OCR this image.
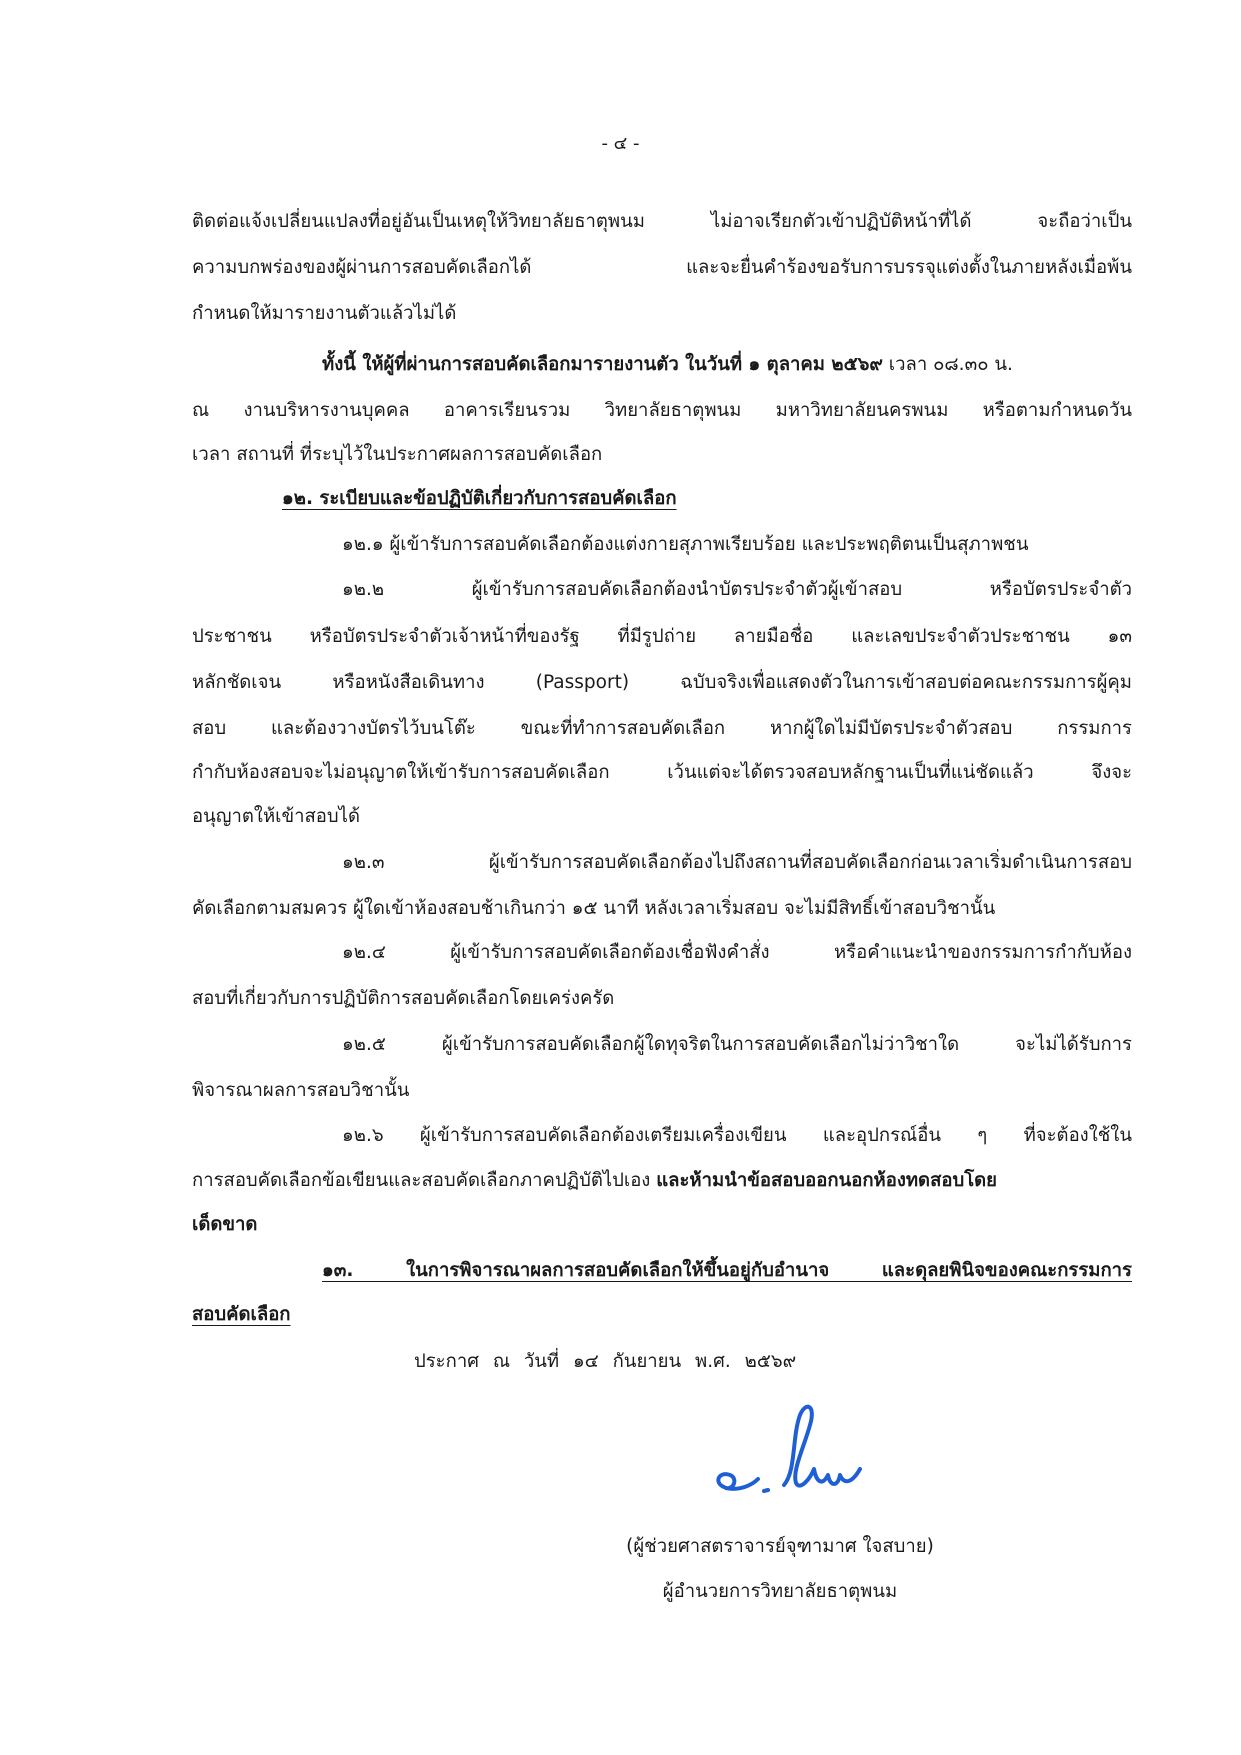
- ๔ -
ติดต่อแจ้งเปลี่ยนแปลงที่อยู่อันเป็นเหตุให้วิทยาลัยธาตุพนม ไม่อาจเรียกตัวเข้าปฏิบัติหน้าที่ได้ จะถือว่าเป็น
ความบกพร่องของผู้ผ่านการสอบคัดเลือกได้ และจะยื่นคำร้องขอรับการบรรจุแต่งตั้งในภายหลังเมื่อพ้น
กำหนดให้มารายงานตัวแล้วไม่ได้
ทั้งนี้ ให้ผู้ที่ผ่านการสอบคัดเลือกมารายงานตัว ในวันที่ ๑ ตุลาคม ๒๕๖๙ เวลา ๐๘.๓๐ น.
ณ งานบริหารงานบุคคล อาคารเรียนรวม วิทยาลัยธาตุพนม มหาวิทยาลัยนครพนม หรือตามกำหนดวัน
เวลา สถานที่ ที่ระบุไว้ในประกาศผลการสอบคัดเลือก
๑๒. ระเบียบและข้อปฏิบัติเกี่ยวกับการสอบคัดเลือก
๑๒.๑ ผู้เข้ารับการสอบคัดเลือกต้องแต่งกายสุภาพเรียบร้อย และประพฤติตนเป็นสุภาพชน
๑๒.๒ ผู้เข้ารับการสอบคัดเลือกต้องนำบัตรประจำตัวผู้เข้าสอบ หรือบัตรประจำตัว
ประชาชน หรือบัตรประจำตัวเจ้าหน้าที่ของรัฐ ที่มีรูปถ่าย ลายมือชื่อ และเลขประจำตัวประชาชน ๑๓
หลักชัดเจน หรือหนังสือเดินทาง (Passport) ฉบับจริงเพื่อแสดงตัวในการเข้าสอบต่อคณะกรรมการผู้คุม
สอบ และต้องวางบัตรไว้บนโต๊ะ ขณะที่ทำการสอบคัดเลือก หากผู้ใดไม่มีบัตรประจำตัวสอบ กรรมการ
กำกับห้องสอบจะไม่อนุญาตให้เข้ารับการสอบคัดเลือก เว้นแต่จะได้ตรวจสอบหลักฐานเป็นที่แน่ชัดแล้ว จึงจะ
อนุญาตให้เข้าสอบได้
๑๒.๓ ผู้เข้ารับการสอบคัดเลือกต้องไปถึงสถานที่สอบคัดเลือกก่อนเวลาเริ่มดำเนินการสอบ
คัดเลือกตามสมควร ผู้ใดเข้าห้องสอบช้าเกินกว่า ๑๕ นาที หลังเวลาเริ่มสอบ จะไม่มีสิทธิ์เข้าสอบวิชานั้น
๑๒.๔ ผู้เข้ารับการสอบคัดเลือกต้องเชื่อฟังคำสั่ง หรือคำแนะนำของกรรมการกำกับห้อง
สอบที่เกี่ยวกับการปฏิบัติการสอบคัดเลือกโดยเคร่งครัด
๑๒.๕ ผู้เข้ารับการสอบคัดเลือกผู้ใดทุจริตในการสอบคัดเลือกไม่ว่าวิชาใด จะไม่ได้รับการ
พิจารณาผลการสอบวิชานั้น
๑๒.๖ ผู้เข้ารับการสอบคัดเลือกต้องเตรียมเครื่องเขียน และอุปกรณ์อื่น ๆ ที่จะต้องใช้ใน
การสอบคัดเลือกข้อเขียนและสอบคัดเลือกภาคปฏิบัติไปเอง และห้ามนำข้อสอบออกนอกห้องทดสอบโดย
เด็ดขาด
๑๓. ในการพิจารณาผลการสอบคัดเลือกให้ขึ้นอยู่กับอำนาจ และดุลยพินิจของคณะกรรมการ
สอบคัดเลือก
ประกาศ ณ วันที่ ๑๔ กันยายน พ.ศ. ๒๕๖๙
(ผู้ช่วยศาสตราจารย์จุฑามาศ ใจสบาย)
ผู้อำนวยการวิทยาลัยธาตุพนม
